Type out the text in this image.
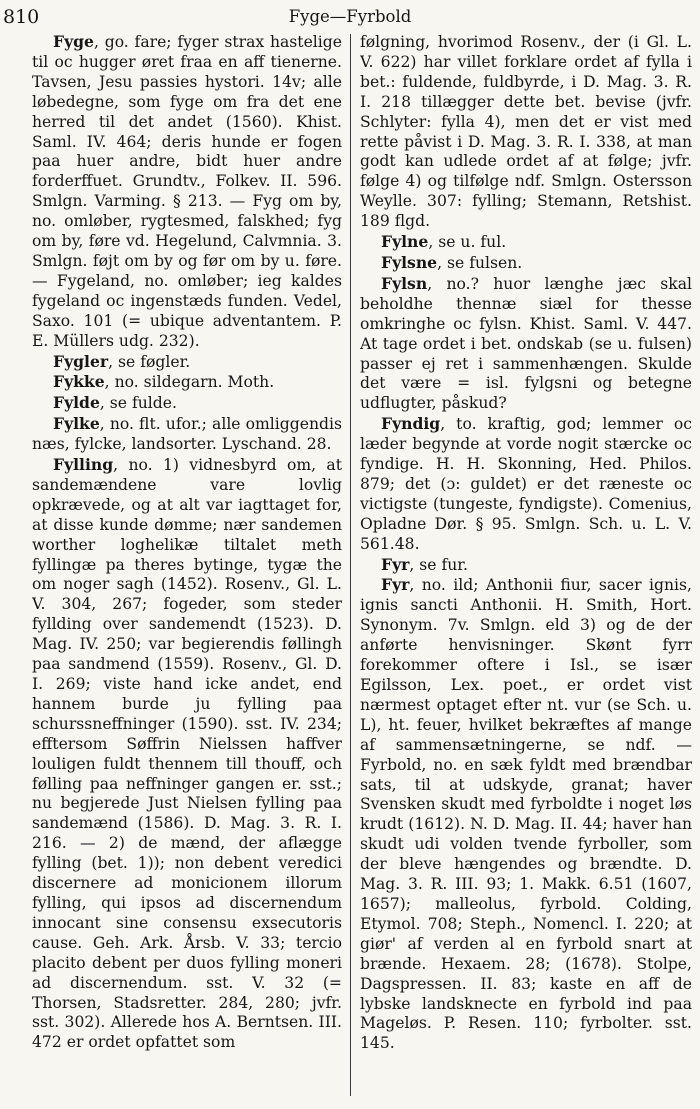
810	Fyge—Fyrbold

Fyge, go. fare; fyger strax hastelige til oc hugger øret fraa en aff tienerne. Tavsen, Jesu passies hystori. 14v; alle løbedegne, som fyge om fra det ene herred til det andet (1560). Khist. Saml. IV. 464; deris hunde er fogen paa huer andre, bidt huer andre forderffuet. Grundtv., Folkev. II. 596. Smlgn. Varming. § 213. — Fyg om by, no. omløber, rygtesmed, falskhed; fyg om by, føre vd. Hegelund, Calvmnia. 3. Smlgn. føjt om by og før om by u. føre. — Fygeland, no. omløber; ieg kaldes fygeland oc ingenstæds funden. Vedel, Saxo. 101 (= ubique adventantem. P. E. Müllers udg. 232).

Fygler, se føgler.

Fykke, no. sildegarn. Moth.

Fylde, se fulde.

Fylke, no. flt. ufor.; alle omliggendis næs, fylcke, landsorter. Lyschand. 28.

Fylling, no. 1) vidnesbyrd om, at sandemændene vare lovlig opkrævede, og at alt var iagttaget for, at disse kunde dømme; nær sandemen worther loghelikæ tiltalet meth fyllingæ pa theres bytinge, tygæ the om noger sagh (1452). Rosenv., Gl. L. V. 304, 267; fogeder, som steder fyllding over sandemendt (1523). D. Mag. IV. 250; var begierendis føllingh paa sandmend (1559). Rosenv., Gl. D. I. 269; viste hand icke andet, end hannem burde ju fylling paa schurssneffninger (1590). sst. IV. 234; efftersom Søffrin Nielssen haffver louligen fuldt thennem till thouff, och følling paa neffninger gangen er. sst.; nu begjerede Just Nielsen fylling paa sandemænd (1586). D. Mag. 3. R. I. 216. — 2) de mænd, der aflægge fylling (bet. 1)); non debent veredici discernere ad monicionem illorum fylling, qui ipsos ad discernendum innocant sine consensu exsecutoris cause. Geh. Ark. Årsb. V. 33; tercio placito debent per duos fylling moneri ad discernendum. sst. V. 32 (= Thorsen, Stadsretter. 284, 280; jvfr. sst. 302). Allerede hos A. Berntsen. III. 472 er ordet opfattet som

følgning, hvorimod Rosenv., der (i Gl. L. V. 622) har villet forklare ordet af fylla i bet.: fuldende, fuldbyrde, i D. Mag. 3. R. I. 218 tillægger dette bet. bevise (jvfr. Schlyter: fylla 4), men det er vist med rette påvist i D. Mag. 3. R. I. 338, at man godt kan udlede ordet af at følge; jvfr. følge 4) og tilfølge ndf. Smlgn. Ostersson Weylle. 307: fylling; Stemann, Retshist. 189 flgd.

Fylne, se u. ful.

Fylsne, se fulsen.

Fylsn, no.? huor længhe jæc skal beholdhe thennæ siæl for thesse omkringhe oc fylsn. Khist. Saml. V. 447. At tage ordet i bet. ondskab (se u. fulsen) passer ej ret i sammenhængen. Skulde det være = isl. fylgsni og betegne udflugter, påskud?

Fyndig, to. kraftig, god; lemmer oc læder begynde at vorde nogit stærcke oc fyndige. H. H. Skonning, Hed. Philos. 879; det (ɔ: guldet) er det ræneste oc victigste (tungeste, fyndigste). Comenius, Opladne Dør. § 95. Smlgn. Sch. u. L. V. 561.48.

Fyr, se fur.

Fyr, no. ild; Anthonii fiur, sacer ignis, ignis sancti Anthonii. H. Smith, Hort. Synonym. 7v. Smlgn. eld 3) og de der anførte henvisninger. Skønt fyrr forekommer oftere i Isl., se især Egilsson, Lex. poet., er ordet vist nærmest optaget efter nt. vur (se Sch. u. L), ht. feuer, hvilket bekræftes af mange af sammensætningerne, se ndf. — Fyrbold, no. en sæk fyldt med brændbar sats, til at udskyde, granat; haver Svensken skudt med fyrboldte i noget løs krudt (1612). N. D. Mag. II. 44; haver han skudt udi volden tvende fyrboller, som der bleve hængendes og brændte. D. Mag. 3. R. III. 93; 1. Makk. 6.51 (1607, 1657); malleolus, fyrbold. Colding, Etymol. 708; Steph., Nomencl. I. 220; at giør' af verden al en fyrbold snart at brænde. Hexaem. 28; (1678). Stolpe, Dagspressen. II. 83; kaste en aff de lybske landsknecte en fyrbold ind paa Mageløs. P. Resen. 110; fyrbolter. sst. 145.
